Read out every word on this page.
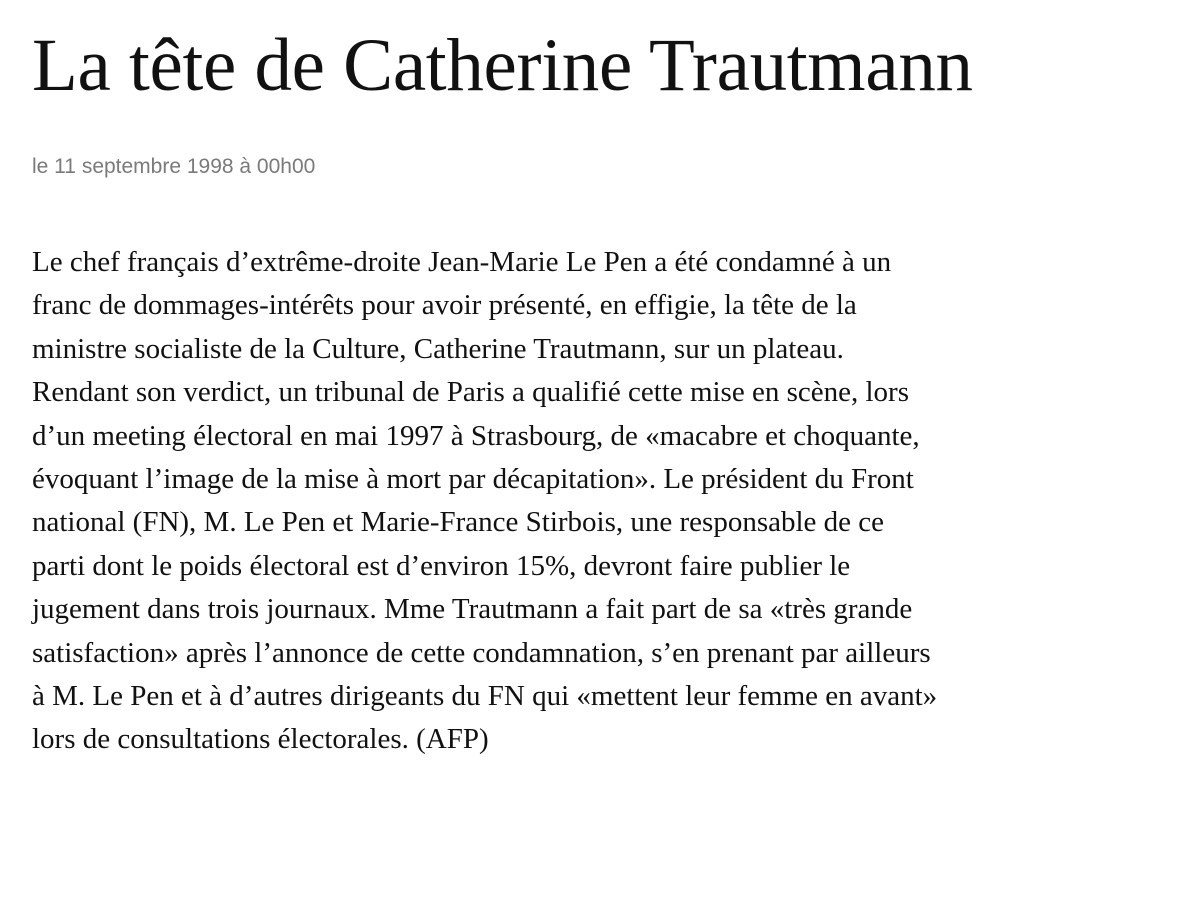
La tête de Catherine Trautmann
le 11 septembre 1998 à 00h00
Le chef français d’extrême-droite Jean-Marie Le Pen a été condamné à un
franc de dommages-intérêts pour avoir présenté, en effigie, la tête de la
ministre socialiste de la Culture, Catherine Trautmann, sur un plateau.
Rendant son verdict, un tribunal de Paris a qualifié cette mise en scène, lors
d’un meeting électoral en mai 1997 à Strasbourg, de «macabre et choquante,
évoquant l’image de la mise à mort par décapitation». Le président du Front
national (FN), M. Le Pen et Marie-France Stirbois, une responsable de ce
parti dont le poids électoral est d’environ 15%, devront faire publier le
jugement dans trois journaux. Mme Trautmann a fait part de sa «très grande
satisfaction» après l’annonce de cette condamnation, s’en prenant par ailleurs
à M. Le Pen et à d’autres dirigeants du FN qui «mettent leur femme en avant»
lors de consultations électorales. (AFP)
